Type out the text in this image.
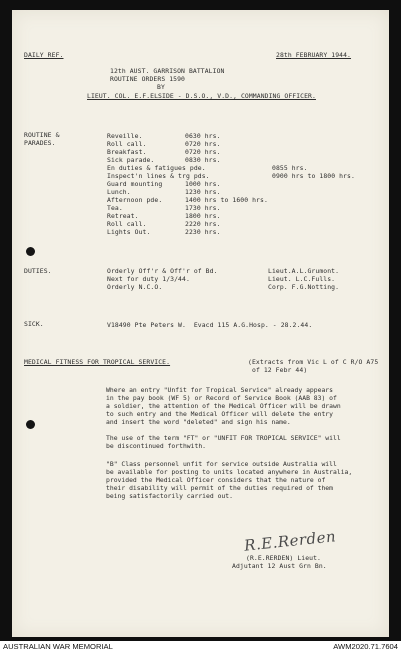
DAILY REF.	28th FEBRUARY 1944.
12th AUST. GARRISON BATTALION
ROUTINE ORDERS 1590
BY
LIEUT. COL. E.F.ELSIDE - D.S.O., V.D., COMMANDING OFFICER.
ROUTINE &
PARADES.
Reveille.	0630 hrs.
Roll call.	0720 hrs.
Breakfast.	0720 hrs.
Sick parade.	0830 hrs.
En duties & fatigues pde.	0855 hrs.
Inspect'n lines & trg pds.	0900 hrs to 1800 hrs.
Guard mounting	1000 hrs.
Lunch.	1230 hrs.
Afternoon pde.	1400 hrs to 1600 hrs.
Tea.	1730 hrs.
Retreat.	1800 hrs.
Roll call.	2220 hrs.
Lights Out.	2230 hrs.
DUTIES.	Orderly Off'r & Off'r of Bd.	Lieut.A.L.Grumont.
Next for duty 1/3/44.	Lieut. L.C.Fulls.
Orderly N.C.O.	Corp. F.G.Notting.
SICK.	V18490 Pte Peters W.  Evacd 115 A.G.Hosp. - 28.2.44.
MEDICAL FITNESS FOR TROPICAL SERVICE.	(Extracts from Vic L of C R/O A75
of 12 Febr 44)
Where an entry "Unfit for Tropical Service" already appears
in the pay book (WF 5) or Record of Service Book (AAB 83) of
a soldier, the attention of the Medical Officer will be drawn
to such entry and the Medical Officer will delete the entry
and insert the word "deleted" and sign his name.
The use of the term "FT" or "UNFIT FOR TROPICAL SERVICE" will
be discontinued forthwith.
"B" Class personnel unfit for service outside Australia will
be available for posting to units located anywhere in Australia,
provided the Medical Officer considers that the nature of
their disability will permit of the duties required of them
being satisfactorily carried out.
R.E.Rerden
(R.E.RERDEN) Lieut.
Adjutant 12 Aust Grn Bn.
AUSTRALIAN WAR MEMORIAL	AWM2020.71.7604
